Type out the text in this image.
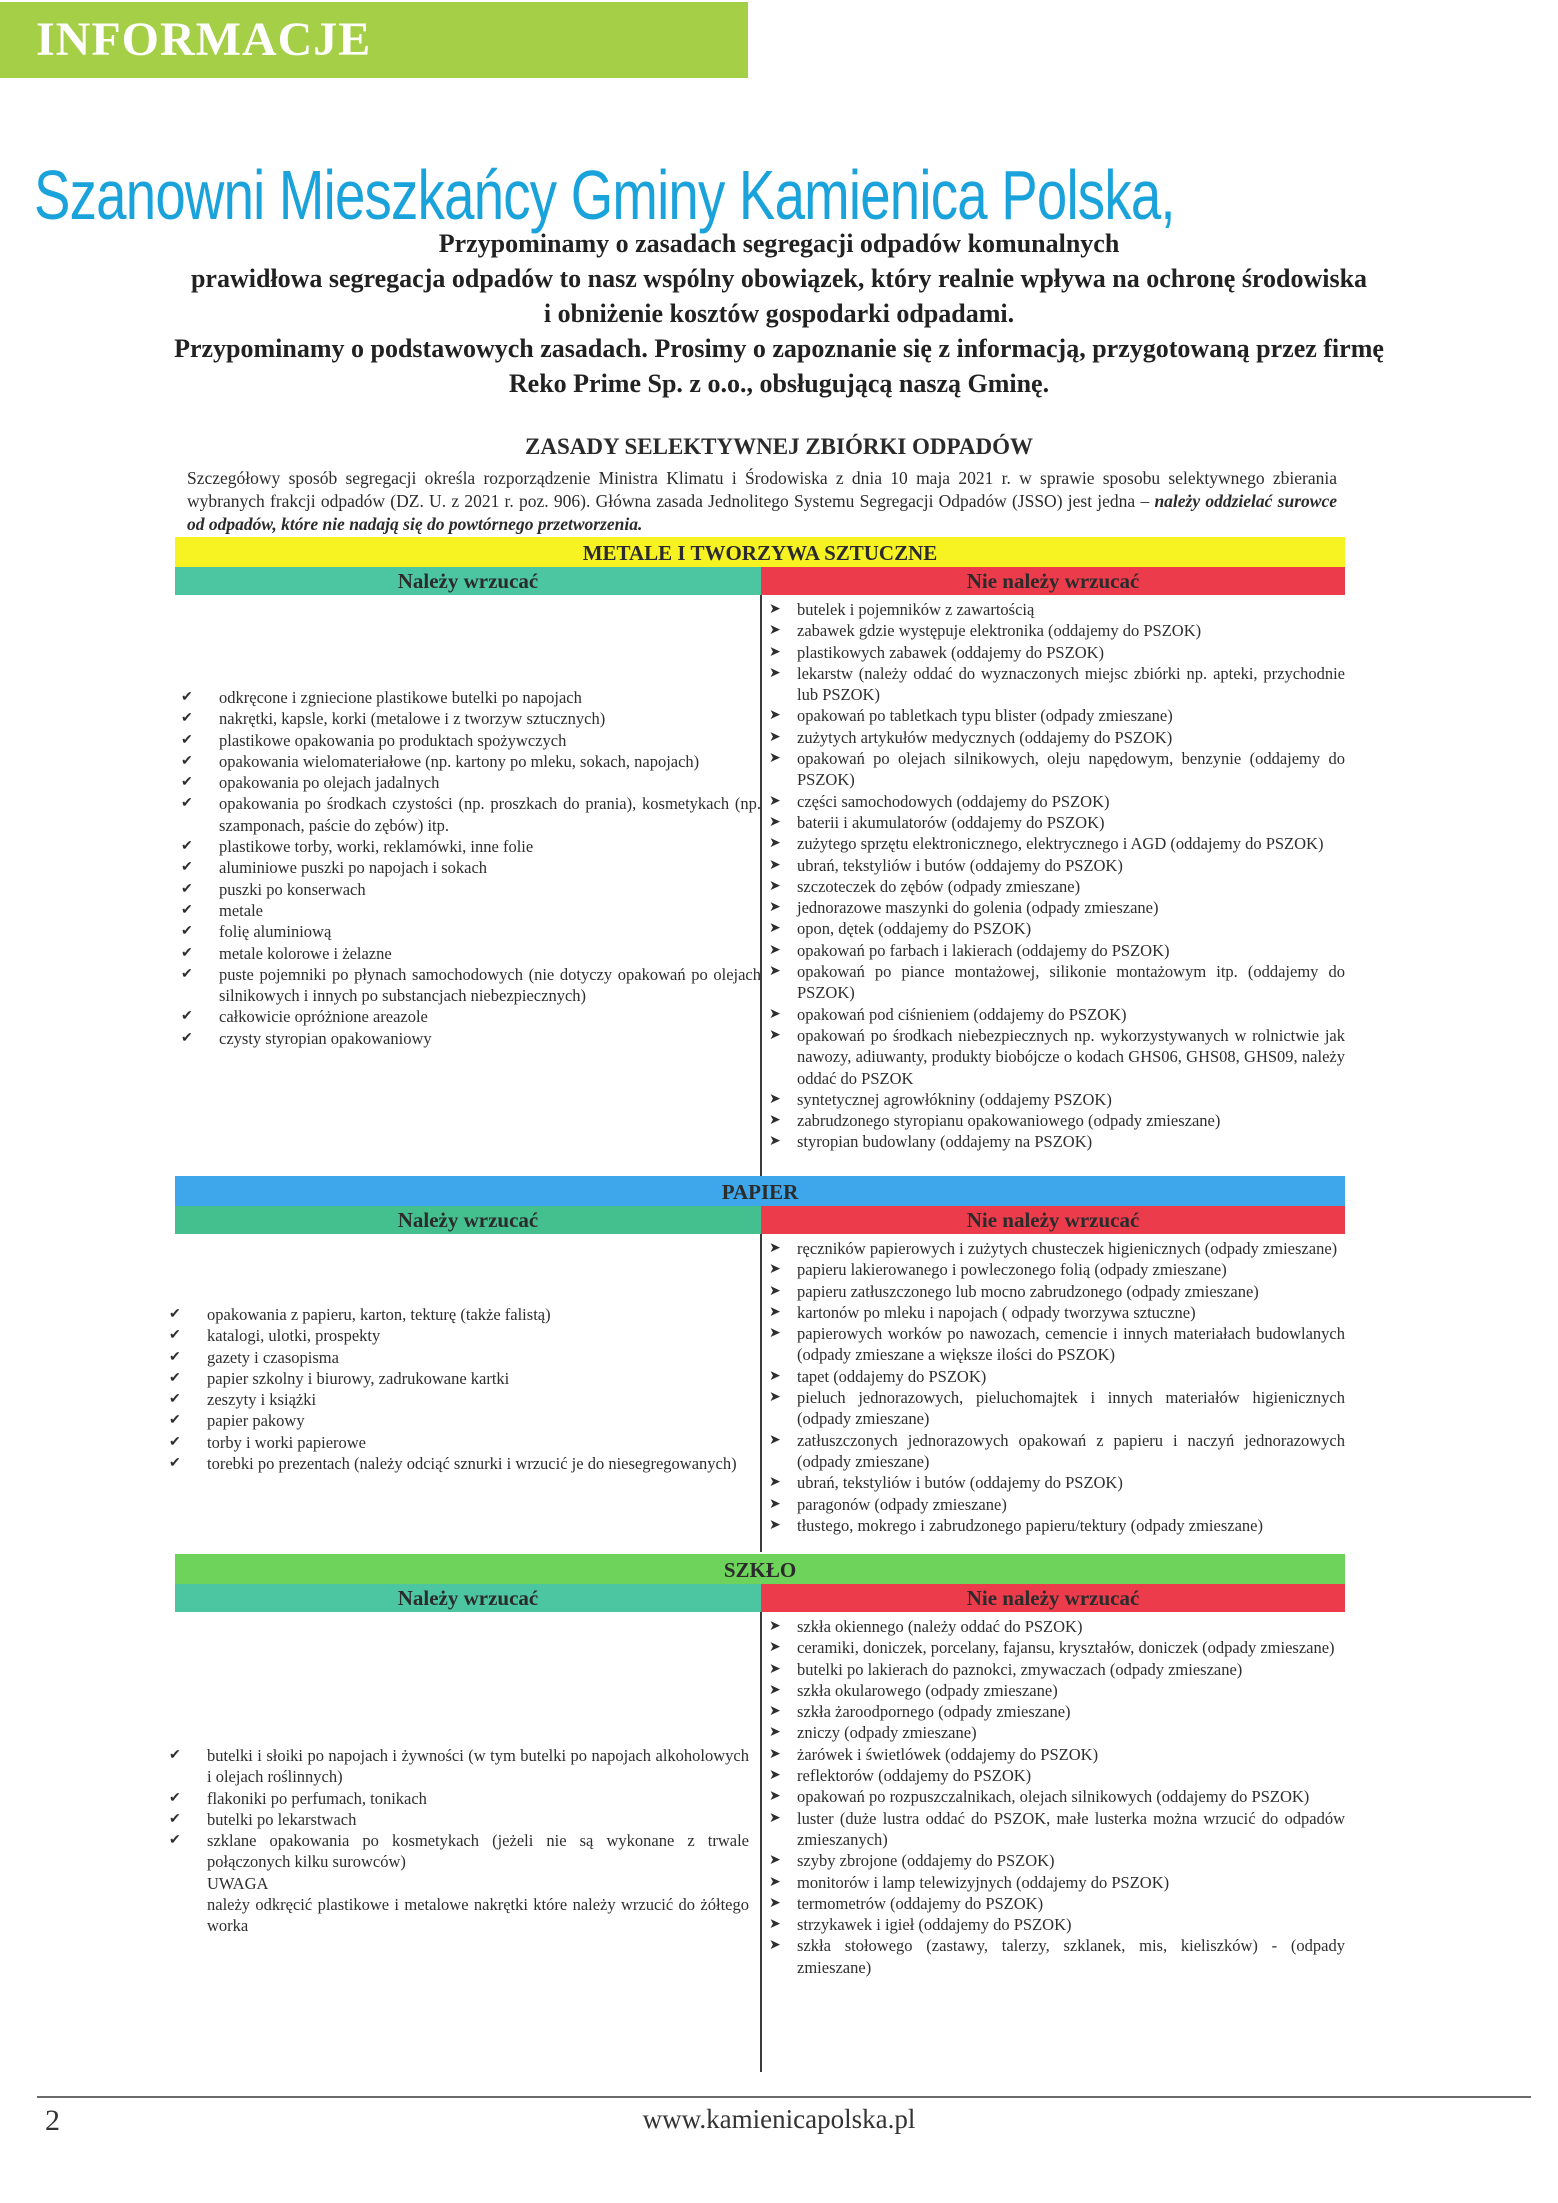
INFORMACJE
Szanowni Mieszkańcy Gminy Kamienica Polska,
Przypominamy o zasadach segregacji odpadów komunalnych
prawidłowa segregacja odpadów to nasz wspólny obowiązek, który realnie wpływa na ochronę środowiska
i obniżenie kosztów gospodarki odpadami.
Przypominamy o podstawowych zasadach. Prosimy o zapoznanie się z informacją, przygotowaną przez firmę
Reko Prime Sp. z o.o., obsługującą naszą Gminę.
ZASADY SELEKTYWNEJ ZBIÓRKI ODPADÓW
Szczegółowy sposób segregacji określa rozporządzenie Ministra Klimatu i Środowiska z dnia 10 maja 2021 r. w sprawie sposobu selektywnego zbierania wybranych frakcji odpadów (DZ. U. z 2021 r. poz. 906). Główna zasada Jednolitego Systemu Segregacji Odpadów (JSSO) jest jedna – należy oddzielać surowce od odpadów, które nie nadają się do powtórnego przetworzenia.
METALE I TWORZYWA SZTUCZNE
Należy wrzucać	Nie należy wrzucać
✔ odkręcone i zgniecione plastikowe butelki po napojach
✔ nakrętki, kapsle, korki (metalowe i z tworzyw sztucznych)
✔ plastikowe opakowania po produktach spożywczych
✔ opakowania wielomateriałowe (np. kartony po mleku, sokach, napojach)
✔ opakowania po olejach jadalnych
✔ opakowania po środkach czystości (np. proszkach do prania), kosmetykach (np. szamponach, paście do zębów) itp.
✔ plastikowe torby, worki, reklamówki, inne folie
✔ aluminiowe puszki po napojach i sokach
✔ puszki po konserwach
✔ metale
✔ folię aluminiową
✔ metale kolorowe i żelazne
✔ puste pojemniki po płynach samochodowych (nie dotyczy opakowań po olejach silnikowych i innych po substancjach niebezpiecznych)
✔ całkowicie opróżnione areazole
✔ czysty styropian opakowaniowy
➤ butelek i pojemników z zawartością
➤ zabawek gdzie występuje elektronika (oddajemy do PSZOK)
➤ plastikowych zabawek (oddajemy do PSZOK)
➤ lekarstw (należy oddać do wyznaczonych miejsc zbiórki np. apteki, przychodnie lub PSZOK)
➤ opakowań po tabletkach typu blister (odpady zmieszane)
➤ zużytych artykułów medycznych (oddajemy do PSZOK)
➤ opakowań po olejach silnikowych, oleju napędowym, benzynie (oddajemy do PSZOK)
➤ części samochodowych (oddajemy do PSZOK)
➤ baterii i akumulatorów (oddajemy do PSZOK)
➤ zużytego sprzętu elektronicznego, elektrycznego i AGD (oddajemy do PSZOK)
➤ ubrań, tekstyliów i butów (oddajemy do PSZOK)
➤ szczoteczek do zębów (odpady zmieszane)
➤ jednorazowe maszynki do golenia (odpady zmieszane)
➤ opon, dętek (oddajemy do PSZOK)
➤ opakowań po farbach i lakierach (oddajemy do PSZOK)
➤ opakowań po piance montażowej, silikonie montażowym itp. (oddajemy do PSZOK)
➤ opakowań pod ciśnieniem (oddajemy do PSZOK)
➤ opakowań po środkach niebezpiecznych np. wykorzystywanych w rolnictwie jak nawozy, adiuwanty, produkty biobójcze o kodach GHS06, GHS08, GHS09, należy oddać do PSZOK
➤ syntetycznej agrowłókniny (oddajemy PSZOK)
➤ zabrudzonego styropianu opakowaniowego (odpady zmieszane)
➤ styropian budowlany (oddajemy na PSZOK)
PAPIER
Należy wrzucać	Nie należy wrzucać
✔ opakowania z papieru, karton, tekturę (także falistą)
✔ katalogi, ulotki, prospekty
✔ gazety i czasopisma
✔ papier szkolny i biurowy, zadrukowane kartki
✔ zeszyty i książki
✔ papier pakowy
✔ torby i worki papierowe
✔ torebki po prezentach (należy odciąć sznurki i wrzucić je do niesegregowanych)
➤ ręczników papierowych i zużytych chusteczek higienicznych (odpady zmieszane)
➤ papieru lakierowanego i powleczonego folią (odpady zmieszane)
➤ papieru zatłuszczonego lub mocno zabrudzonego (odpady zmieszane)
➤ kartonów po mleku i napojach ( odpady tworzywa sztuczne)
➤ papierowych worków po nawozach, cemencie i innych materiałach budowlanych (odpady zmieszane a większe ilości do PSZOK)
➤ tapet (oddajemy do PSZOK)
➤ pieluch jednorazowych, pieluchomajtek i innych materiałów higienicznych (odpady zmieszane)
➤ zatłuszczonych jednorazowych opakowań z papieru i naczyń jednorazowych (odpady zmieszane)
➤ ubrań, tekstyliów i butów (oddajemy do PSZOK)
➤ paragonów (odpady zmieszane)
➤ tłustego, mokrego i zabrudzonego papieru/tektury (odpady zmieszane)
SZKŁO
Należy wrzucać	Nie należy wrzucać
✔ butelki i słoiki po napojach i żywności (w tym butelki po napojach alkoholowych i olejach roślinnych)
✔ flakoniki po perfumach, tonikach
✔ butelki po lekarstwach
✔ szklane opakowania po kosmetykach (jeżeli nie są wykonane z trwale połączonych kilku surowców)
UWAGA
należy odkręcić plastikowe i metalowe nakrętki które należy wrzucić do żółtego worka
➤ szkła okiennego (należy oddać do PSZOK)
➤ ceramiki, doniczek, porcelany, fajansu, kryształów, doniczek (odpady zmieszane)
➤ butelki po lakierach do paznokci, zmywaczach (odpady zmieszane)
➤ szkła okularowego (odpady zmieszane)
➤ szkła żaroodpornego (odpady zmieszane)
➤ zniczy (odpady zmieszane)
➤ żarówek i świetlówek (oddajemy do PSZOK)
➤ reflektorów (oddajemy do PSZOK)
➤ opakowań po rozpuszczalnikach, olejach silnikowych (oddajemy do PSZOK)
➤ luster (duże lustra oddać do PSZOK, małe lusterka można wrzucić do odpadów zmieszanych)
➤ szyby zbrojone (oddajemy do PSZOK)
➤ monitorów i lamp telewizyjnych (oddajemy do PSZOK)
➤ termometrów (oddajemy do PSZOK)
➤ strzykawek i igieł (oddajemy do PSZOK)
➤ szkła stołowego (zastawy, talerzy, szklanek, mis, kieliszków) - (odpady zmieszane)
2	www.kamienicapolska.pl
